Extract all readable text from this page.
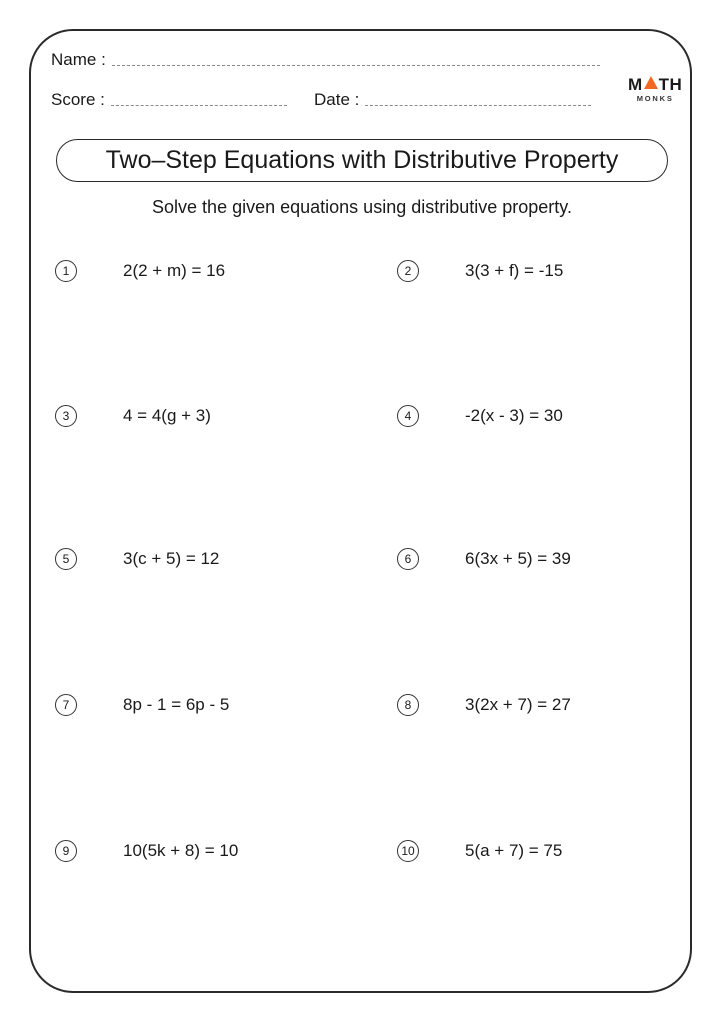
Name :
Score :	Date :
M TH
MONKS
Two–Step Equations with Distributive Property
Solve the given equations using distributive property.
1	2(2 + m) = 16	2	3(3 + f) = -15
3	4 = 4(g + 3)	4	-2(x - 3) = 30
5	3(c + 5) = 12	6	6(3x + 5) = 39
7	8p - 1 = 6p - 5	8	3(2x + 7) = 27
9	10(5k + 8) = 10	10	5(a + 7) = 75
